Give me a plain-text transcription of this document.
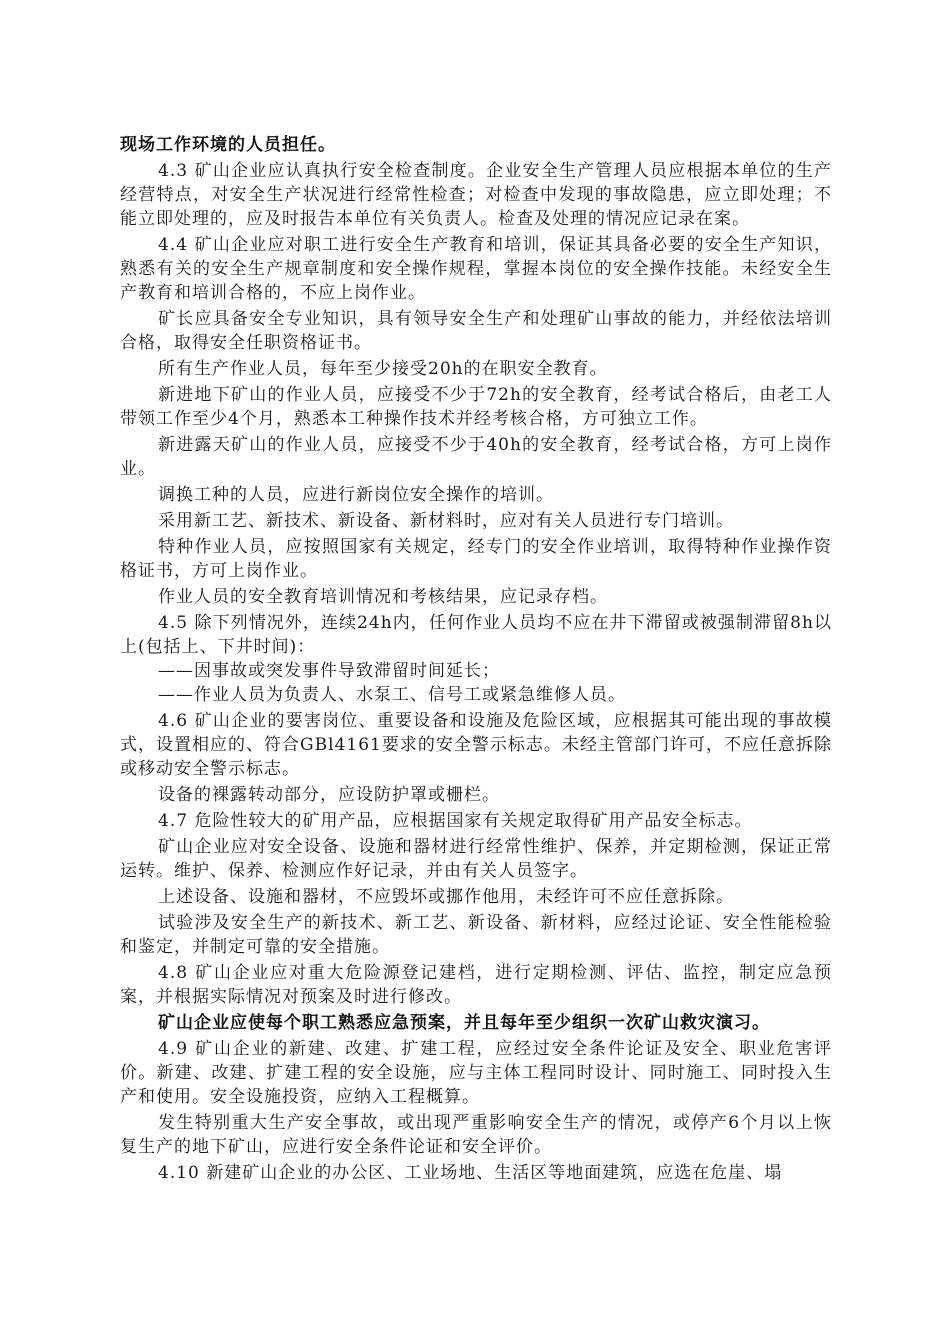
现场工作环境的人员担任。

4.3 矿山企业应认真执行安全检查制度。企业安全生产管理人员应根据本单位的生产经营特点，对安全生产状况进行经常性检查；对检查中发现的事故隐患，应立即处理；不能立即处理的，应及时报告本单位有关负责人。检查及处理的情况应记录在案。

4.4 矿山企业应对职工进行安全生产教育和培训，保证其具备必要的安全生产知识，熟悉有关的安全生产规章制度和安全操作规程，掌握本岗位的安全操作技能。未经安全生产教育和培训合格的，不应上岗作业。

矿长应具备安全专业知识，具有领导安全生产和处理矿山事故的能力，并经依法培训合格，取得安全任职资格证书。

所有生产作业人员，每年至少接受20h的在职安全教育。

新进地下矿山的作业人员，应接受不少于72h的安全教育，经考试合格后，由老工人带领工作至少4个月，熟悉本工种操作技术并经考核合格，方可独立工作。

新进露天矿山的作业人员，应接受不少于40h的安全教育，经考试合格，方可上岗作业。

调换工种的人员，应进行新岗位安全操作的培训。

采用新工艺、新技术、新设备、新材料时，应对有关人员进行专门培训。

特种作业人员，应按照国家有关规定，经专门的安全作业培训，取得特种作业操作资格证书，方可上岗作业。

作业人员的安全教育培训情况和考核结果，应记录存档。

4.5 除下列情况外，连续24h内，任何作业人员均不应在井下滞留或被强制滞留8h以上(包括上、下井时间)：

——因事故或突发事件导致滞留时间延长；

——作业人员为负责人、水泵工、信号工或紧急维修人员。

4.6 矿山企业的要害岗位、重要设备和设施及危险区域，应根据其可能出现的事故模式，设置相应的、符合GBl4161要求的安全警示标志。未经主管部门许可，不应任意拆除或移动安全警示标志。

设备的裸露转动部分，应设防护罩或栅栏。

4.7 危险性较大的矿用产品，应根据国家有关规定取得矿用产品安全标志。

矿山企业应对安全设备、设施和器材进行经常性维护、保养，并定期检测，保证正常运转。维护、保养、检测应作好记录，并由有关人员签字。

上述设备、设施和器材，不应毁坏或挪作他用，未经许可不应任意拆除。

试验涉及安全生产的新技术、新工艺、新设备、新材料，应经过论证、安全性能检验和鉴定，并制定可靠的安全措施。

4.8 矿山企业应对重大危险源登记建档，进行定期检测、评估、监控，制定应急预案，并根据实际情况对预案及时进行修改。

矿山企业应使每个职工熟悉应急预案，并且每年至少组织一次矿山救灾演习。

4.9 矿山企业的新建、改建、扩建工程，应经过安全条件论证及安全、职业危害评价。新建、改建、扩建工程的安全设施，应与主体工程同时设计、同时施工、同时投入生产和使用。安全设施投资，应纳入工程概算。

发生特别重大生产安全事故，或出现严重影响安全生产的情况，或停产6个月以上恢复生产的地下矿山，应进行安全条件论证和安全评价。

4.10 新建矿山企业的办公区、工业场地、生活区等地面建筑，应选在危崖、塌
